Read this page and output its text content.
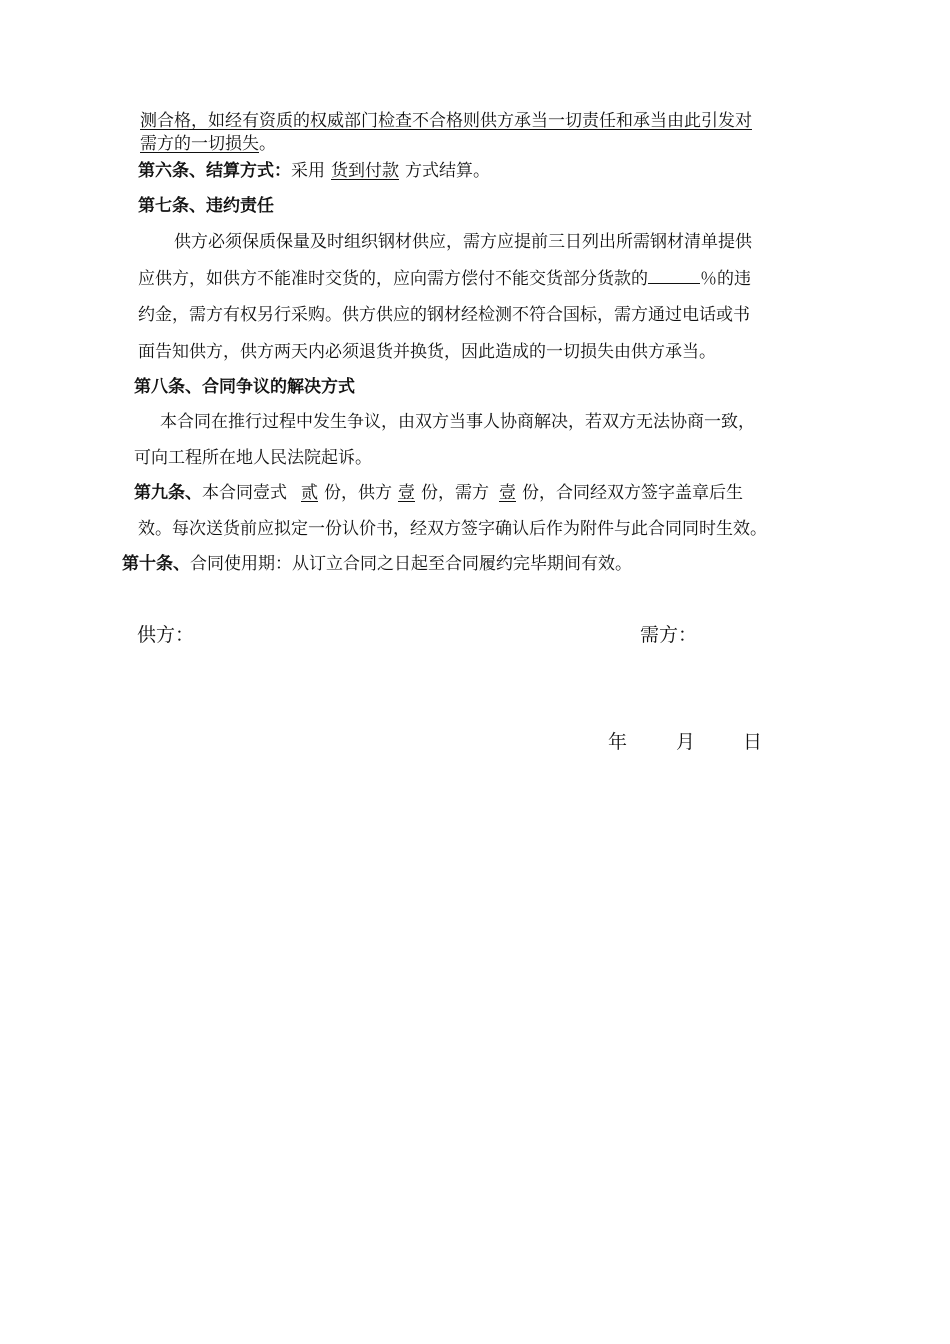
测合格，如经有资质的权威部门检查不合格则供方承当一切责任和承当由此引发对
需方的一切损失。
第六条、结算方式：采用 货到付款 方式结算。
第七条、违约责任
供方必须保质保量及时组织钢材供应，需方应提前三日列出所需钢材清单提供
应供方，如供方不能准时交货的，应向需方偿付不能交货部分货款的	％的违
约金，需方有权另行采购。供方供应的钢材经检测不符合国标，需方通过电话或书
面告知供方，供方两天内必须退货并换货，因此造成的一切损失由供方承当。
第八条、合同争议的解决方式
本合同在推行过程中发生争议，由双方当事人协商解决，若双方无法协商一致，
可向工程所在地人民法院起诉。
第九条、本合同壹式 贰 份，供方 壹 份，需方 壹 份，合同经双方签字盖章后生
效。每次送货前应拟定一份认价书，经双方签字确认后作为附件与此合同同时生效。
第十条、合同使用期：从订立合同之日起至合同履约完毕期间有效。
供方：	需方：
年	月	日
